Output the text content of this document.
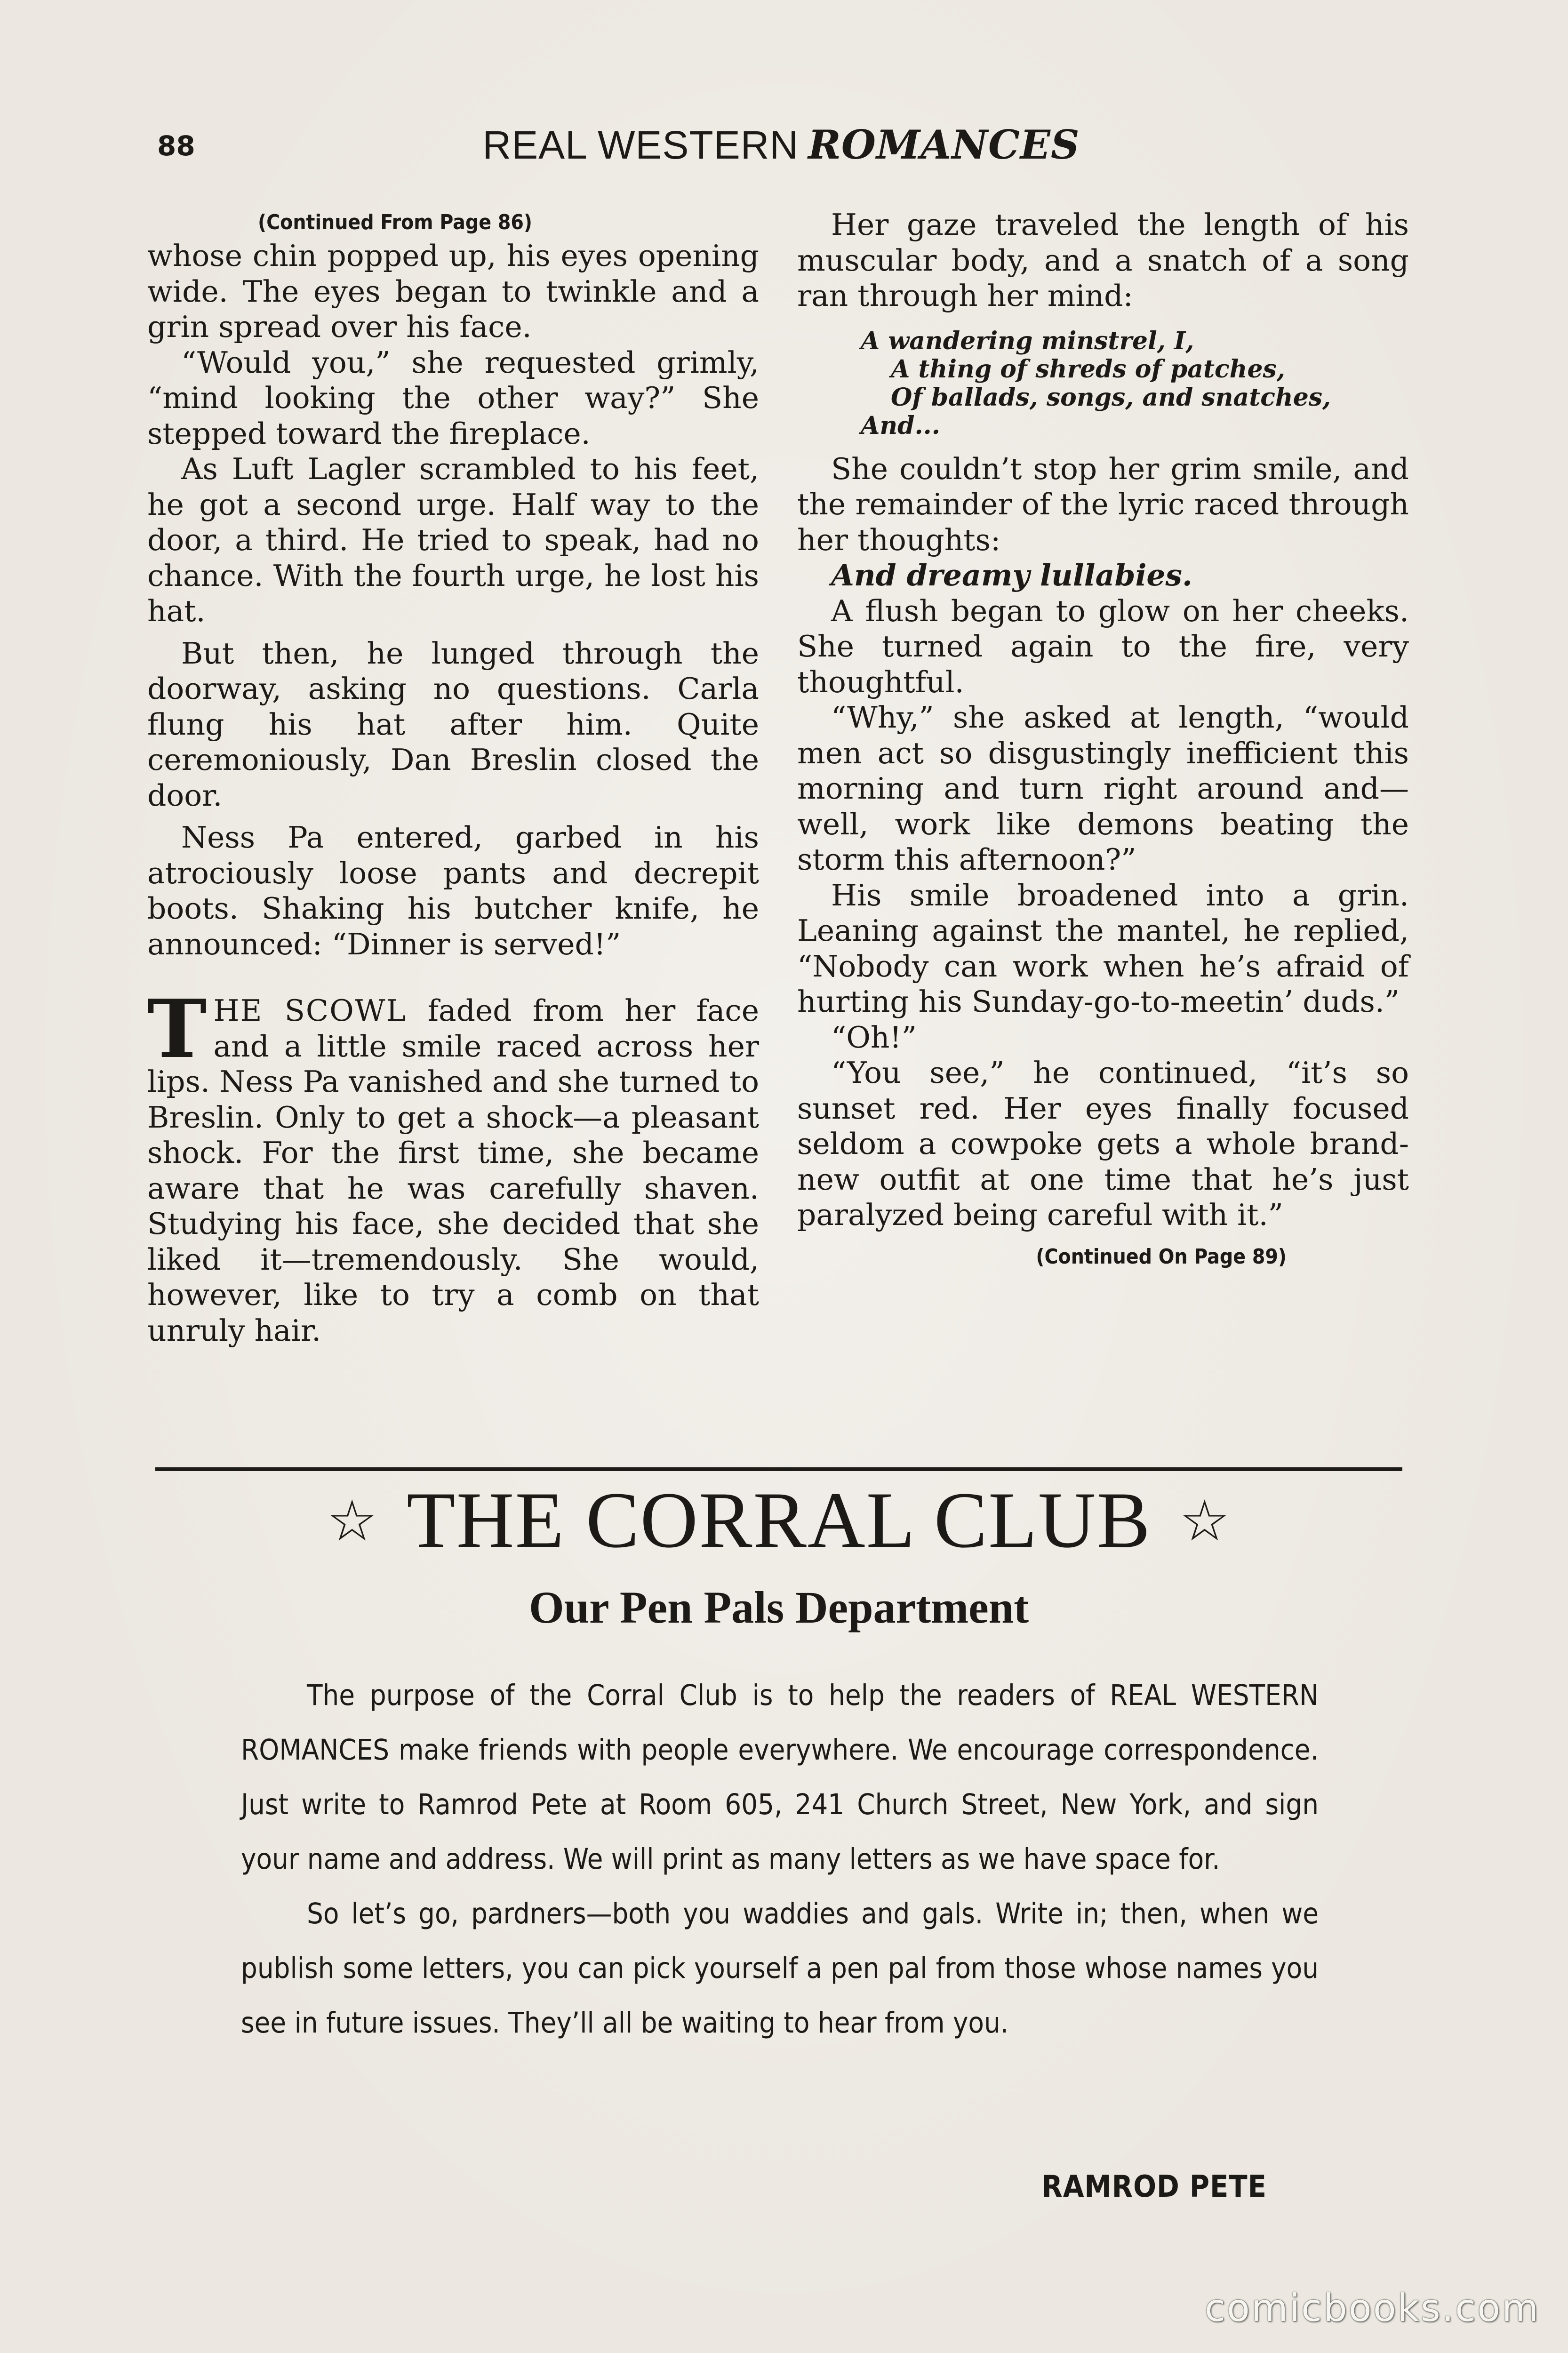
88	REAL WESTERN ROMANCES
(Continued From Page 86)

whose chin popped up, his eyes opening wide. The eyes began to twinkle and a grin spread over his face.

“Would you,” she requested grimly, “mind looking the other way?” She stepped toward the fireplace.

As Luft Lagler scrambled to his feet, he got a second urge. Half way to the door, a third. He tried to speak, had no chance. With the fourth urge, he lost his hat.

But then, he lunged through the doorway, asking no questions. Carla flung his hat after him. Quite ceremoniously, Dan Breslin closed the door.

Ness Pa entered, garbed in his atrociously loose pants and decrepit boots. Shaking his butcher knife, he announced: “Dinner is served!”

THE SCOWL faded from her face and a little smile raced across her lips. Ness Pa vanished and she turned to Breslin. Only to get a shock—a pleasant shock. For the first time, she became aware that he was carefully shaven. Studying his face, she decided that she liked it—tremendously. She would, however, like to try a comb on that unruly hair.

Her gaze traveled the length of his muscular body, and a snatch of a song ran through her mind:

A wandering minstrel, I,
A thing of shreds of patches,
Of ballads, songs, and snatches,
And...

She couldn’t stop her grim smile, and the remainder of the lyric raced through her thoughts:

And dreamy lullabies.

A flush began to glow on her cheeks. She turned again to the fire, very thoughtful.

“Why,” she asked at length, “would men act so disgustingly inefficient this morning and turn right around and—well, work like demons beating the storm this afternoon?”

His smile broadened into a grin. Leaning against the mantel, he replied, “Nobody can work when he’s afraid of hurting his Sunday-go-to-meetin’ duds.”

“Oh!”

“You see,” he continued, “it’s so sunset red. Her eyes finally focused seldom a cowpoke gets a whole brand-new outfit at one time that he’s just paralyzed being careful with it.”

(Continued On Page 89)
☆ THE CORRAL CLUB ☆
Our Pen Pals Department

The purpose of the Corral Club is to help the readers of REAL WESTERN ROMANCES make friends with people everywhere. We encourage correspondence. Just write to Ramrod Pete at Room 605, 241 Church Street, New York, and sign your name and address. We will print as many letters as we have space for.

So let’s go, pardners—both you waddies and gals. Write in; then, when we publish some letters, you can pick yourself a pen pal from those whose names you see in future issues. They’ll all be waiting to hear from you.

RAMROD PETE
comicbooks.com
